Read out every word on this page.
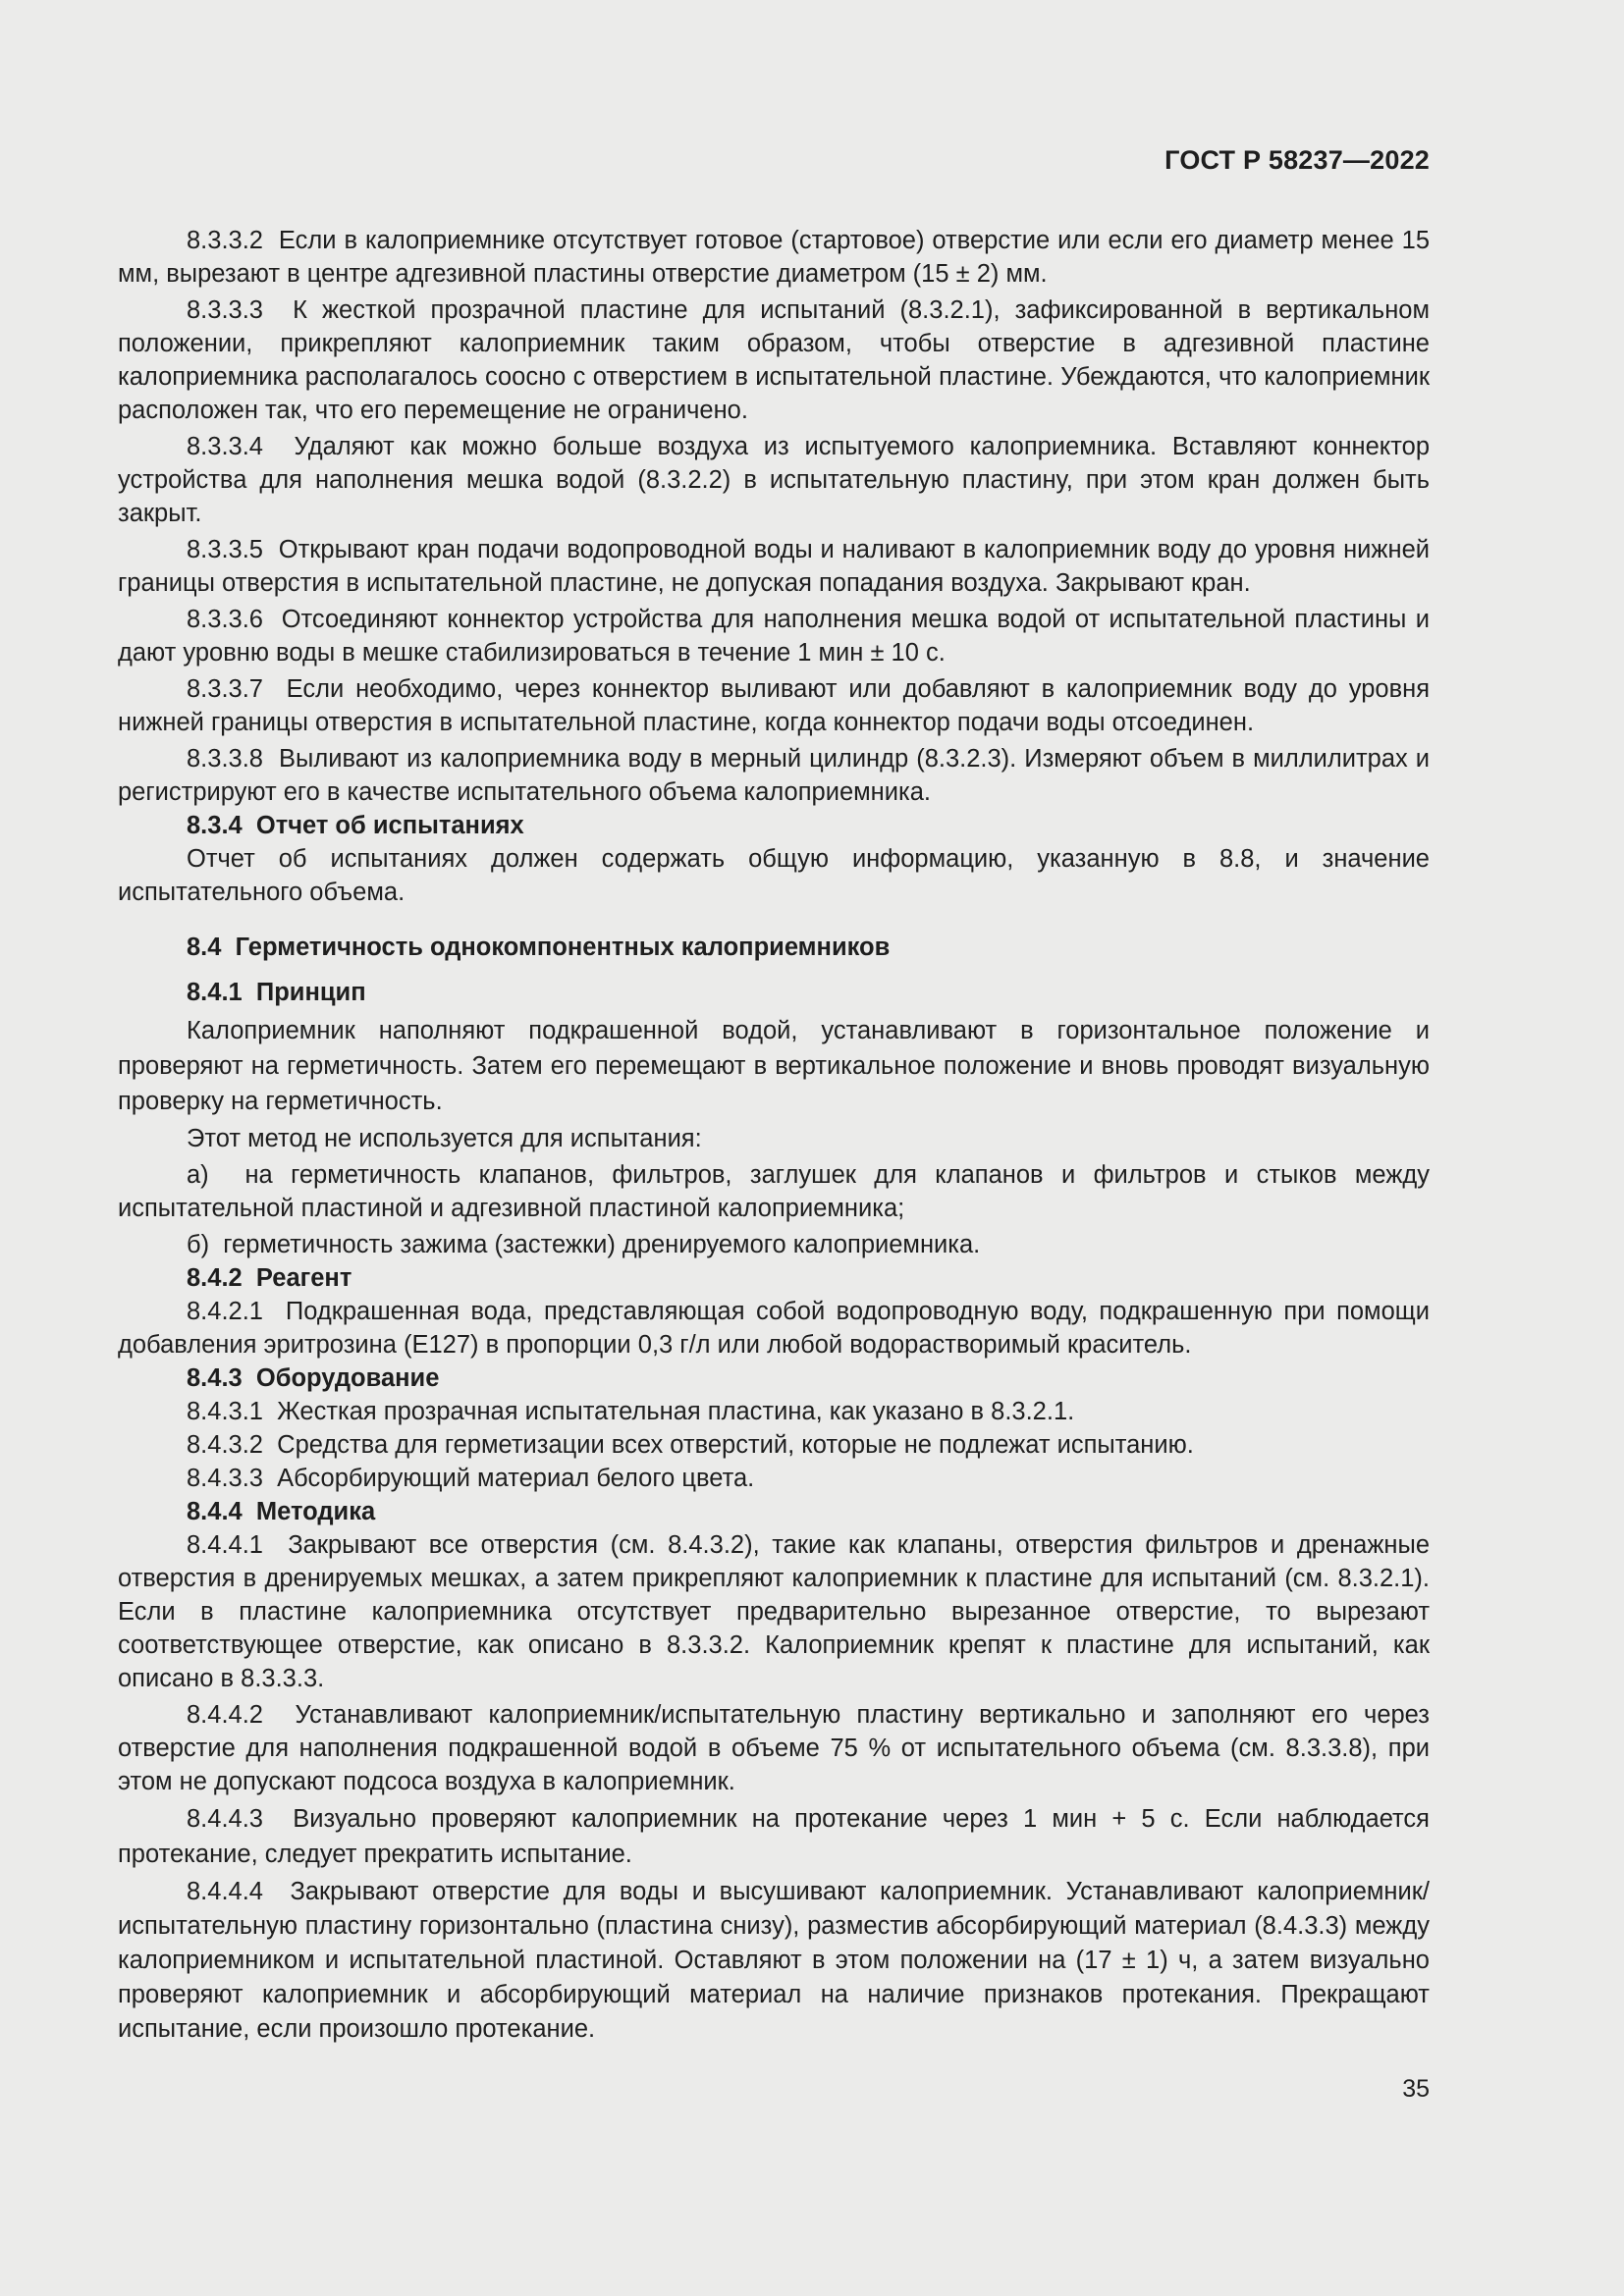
ГОСТ Р 58237—2022

8.3.3.2 Если в калоприемнике отсутствует готовое (стартовое) отверстие или если его диаметр менее 15 мм, вырезают в центре адгезивной пластины отверстие диаметром (15 ± 2) мм.

8.3.3.3 К жесткой прозрачной пластине для испытаний (8.3.2.1), зафиксированной в вертикальном положении, прикрепляют калоприемник таким образом, чтобы отверстие в адгезивной пластине калоприемника располагалось соосно с отверстием в испытательной пластине. Убеждаются, что калоприемник расположен так, что его перемещение не ограничено.

8.3.3.4 Удаляют как можно больше воздуха из испытуемого калоприемника. Вставляют коннектор устройства для наполнения мешка водой (8.3.2.2) в испытательную пластину, при этом кран должен быть закрыт.

8.3.3.5 Открывают кран подачи водопроводной воды и наливают в калоприемник воду до уровня нижней границы отверстия в испытательной пластине, не допуская попадания воздуха. Закрывают кран.

8.3.3.6 Отсоединяют коннектор устройства для наполнения мешка водой от испытательной пластины и дают уровню воды в мешке стабилизироваться в течение 1 мин ± 10 с.

8.3.3.7 Если необходимо, через коннектор выливают или добавляют в калоприемник воду до уровня нижней границы отверстия в испытательной пластине, когда коннектор подачи воды отсоединен.

8.3.3.8 Выливают из калоприемника воду в мерный цилиндр (8.3.2.3). Измеряют объем в миллилитрах и регистрируют его в качестве испытательного объема калоприемника.

8.3.4 Отчет об испытаниях

Отчет об испытаниях должен содержать общую информацию, указанную в 8.8, и значение испытательного объема.

8.4 Герметичность однокомпонентных калоприемников

8.4.1 Принцип

Калоприемник наполняют подкрашенной водой, устанавливают в горизонтальное положение и проверяют на герметичность. Затем его перемещают в вертикальное положение и вновь проводят визуальную проверку на герметичность.

Этот метод не используется для испытания:

а) на герметичность клапанов, фильтров, заглушек для клапанов и фильтров и стыков между испытательной пластиной и адгезивной пластиной калоприемника;

б) герметичность зажима (застежки) дренируемого калоприемника.

8.4.2 Реагент

8.4.2.1 Подкрашенная вода, представляющая собой водопроводную воду, подкрашенную при помощи добавления эритрозина (E127) в пропорции 0,3 г/л или любой водорастворимый краситель.

8.4.3 Оборудование

8.4.3.1 Жесткая прозрачная испытательная пластина, как указано в 8.3.2.1.

8.4.3.2 Средства для герметизации всех отверстий, которые не подлежат испытанию.

8.4.3.3 Абсорбирующий материал белого цвета.

8.4.4 Методика

8.4.4.1 Закрывают все отверстия (см. 8.4.3.2), такие как клапаны, отверстия фильтров и дренажные отверстия в дренируемых мешках, а затем прикрепляют калоприемник к пластине для испытаний (см. 8.3.2.1). Если в пластине калоприемника отсутствует предварительно вырезанное отверстие, то вырезают соответствующее отверстие, как описано в 8.3.3.2. Калоприемник крепят к пластине для испытаний, как описано в 8.3.3.3.

8.4.4.2 Устанавливают калоприемник/испытательную пластину вертикально и заполняют его через отверстие для наполнения подкрашенной водой в объеме 75 % от испытательного объема (см. 8.3.3.8), при этом не допускают подсоса воздуха в калоприемник.

8.4.4.3 Визуально проверяют калоприемник на протекание через 1 мин + 5 с. Если наблюдается протекание, следует прекратить испытание.

8.4.4.4 Закрывают отверстие для воды и высушивают калоприемник. Устанавливают калоприемник/испытательную пластину горизонтально (пластина снизу), разместив абсорбирующий материал (8.4.3.3) между калоприемником и испытательной пластиной. Оставляют в этом положении на (17 ± 1) ч, а затем визуально проверяют калоприемник и абсорбирующий материал на наличие признаков протекания. Прекращают испытание, если произошло протекание.

35
